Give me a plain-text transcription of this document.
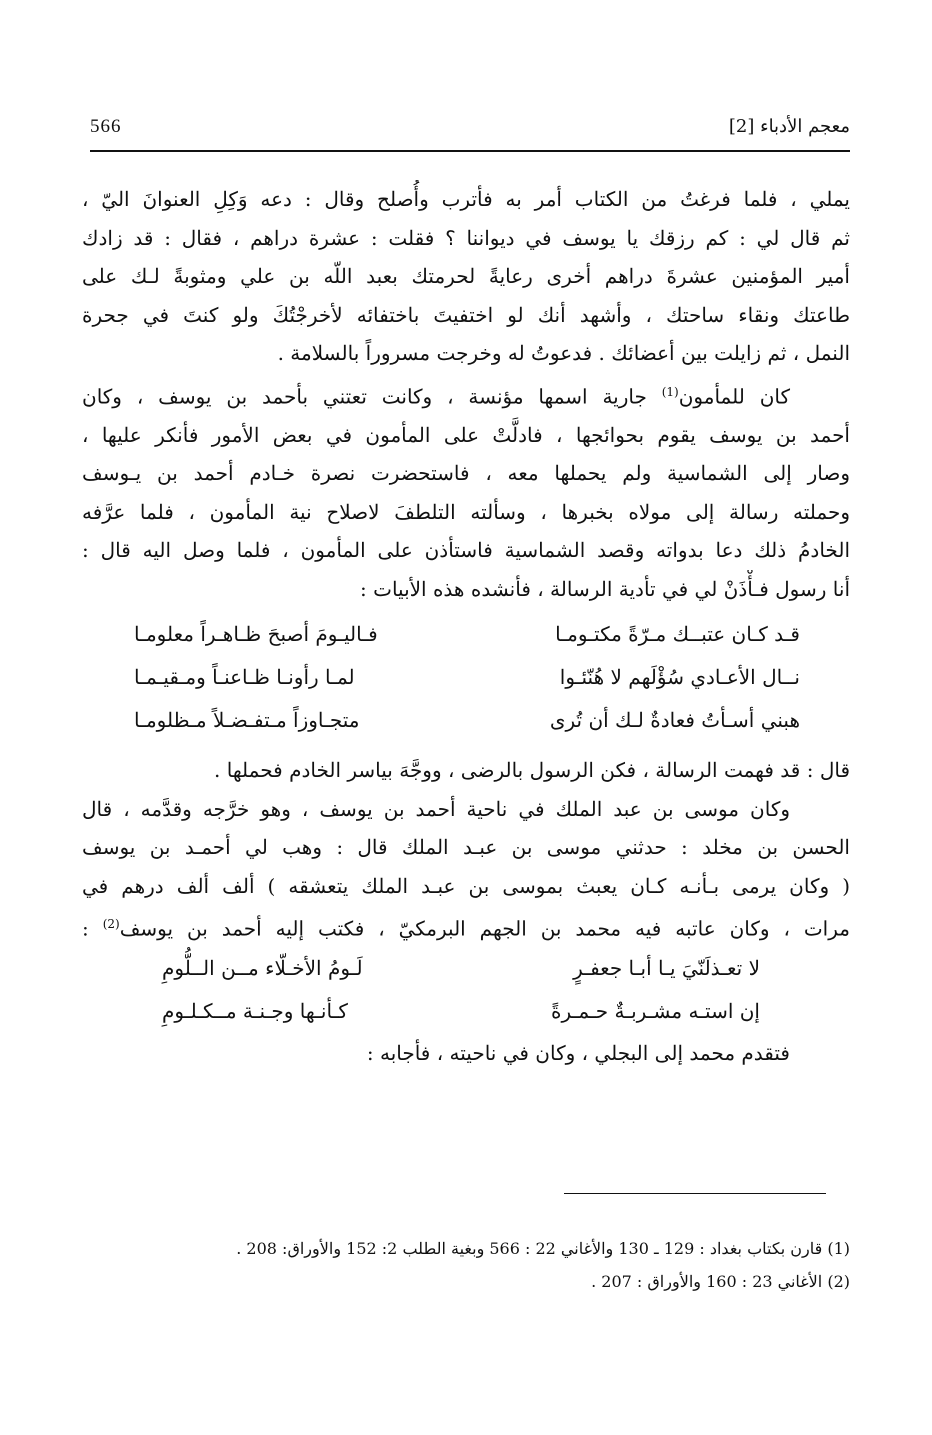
566	معجم الأدباء [2]
يملي ، فلما فرغتُ من الكتاب أمر به فأترب وأُصلح وقال : دعه وَكِلِ العنوانَ اليّ ،
ثم قال لي : كم رزقك يا يوسف في ديواننا ؟ فقلت : عشرة دراهم ، فقال : قد زادك
أمير المؤمنين عشرةَ دراهم أخرى رعايةً لحرمتك بعبد اللّه بن علي ومثوبةً لـك على
طاعتك ونقاء ساحتك ، وأشهد أنك لو اختفيتَ باختفائه لأخرجْتُكَ ولو كنتَ في جحرة
النمل ، ثم زايلت بين أعضائك . فدعوتُ له وخرجت مسروراً بالسلامة .
كان للمأمون$^{(1)}$ جارية اسمها مؤنسة ، وكانت تعتني بأحمد بن يوسف ، وكان
أحمد بن يوسف يقوم بحوائجها ، فادلَّتْ على المأمون في بعض الأمور فأنكر عليها ،
وصار إلى الشماسية ولم يحملها معه ، فاستحضرت نصرة خـادم أحمد بن يـوسف
وحملته رسالة إلى مولاه بخبرها ، وسألته التلطفَ لاصلاح نية المأمون ، فلما عرَّفه
الخادمُ ذلك دعا بدواته وقصد الشماسية فاستأذن على المأمون ، فلما وصل اليه قال :
أنا رسول فـأْذَنْ لي في تأدية الرسالة ، فأنشده هذه الأبيات :
قـد كـان عتبــك مـرّةً مكتـومـا
فـاليـومَ أصبحَ ظـاهـراً معلومـا
نــال الأعـادي سُؤْلَهم لا هُنّئـوا
لمـا رأونـا ظـاعنـاً ومـقيـمـا
هبني أسـأتُ فعادةٌ لـك أن تُرى
متجـاوزاً مـتفـضـلاً مـظلومـا
قال : قد فهمت الرسالة ، فكن الرسول بالرضى ، ووجَّهَ بياسر الخادم فحملها .
وكان موسى بن عبد الملك في ناحية أحمد بن يوسف ، وهو خرَّجه وقدَّمه ، قال
الحسن بن مخلد : حدثني موسى بن عبـد الملك قال : وهب لي أحمـد بن يوسف
( وكان يرمى بـأنـه كـان يعبث بموسى بن عبـد الملك يتعشقه ) ألف ألف درهم في
مرات ، وكان عاتبه فيه محمد بن الجهم البرمكيّ ، فكتب إليه أحمد بن يوسف$^{(2)}$ :
لا تعـذلَنّيَ يـا أبـا جعفـرٍ
لَـومُ الأخـلّاء مــن الــلُّومِ
إن استـه مشـربـةٌ حـمـرةً
كـأنـها وجـنـة مــكـلـومِ
فتقدم محمد إلى البجلي ، وكان في ناحيته ، فأجابه :
(1) قارن بكتاب بغداد : 129 ـ 130 والأغاني 22 : 566 وبغية الطلب 2: 152 والأوراق: 208 .
(2) الأغاني 23 : 160 والأوراق : 207 .
